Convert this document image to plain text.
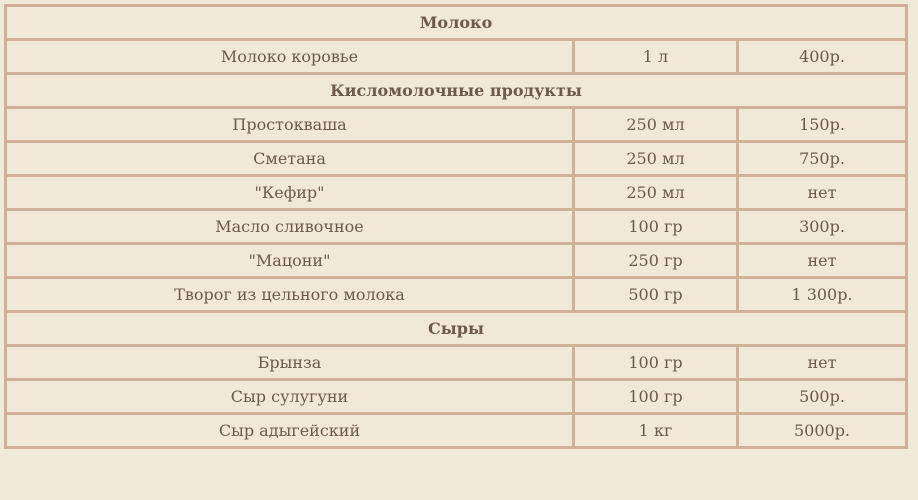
Молоко		
Молоко коровье	1 л	400р.
Кисломолочные продукты		
Простокваша	250 мл	150р.
Сметана	250 мл	750р.
"Кефир"	250 мл	нет
Масло сливочное	100 гр	300р.
"Мацони"	250 гр	нет
Творог из цельного молока	500 гр	1 300р.
Сыры		
Брынза	100 гр	нет
Сыр сулугуни	100 гр	500р.
Сыр адыгейский	1 кг	5000р.
